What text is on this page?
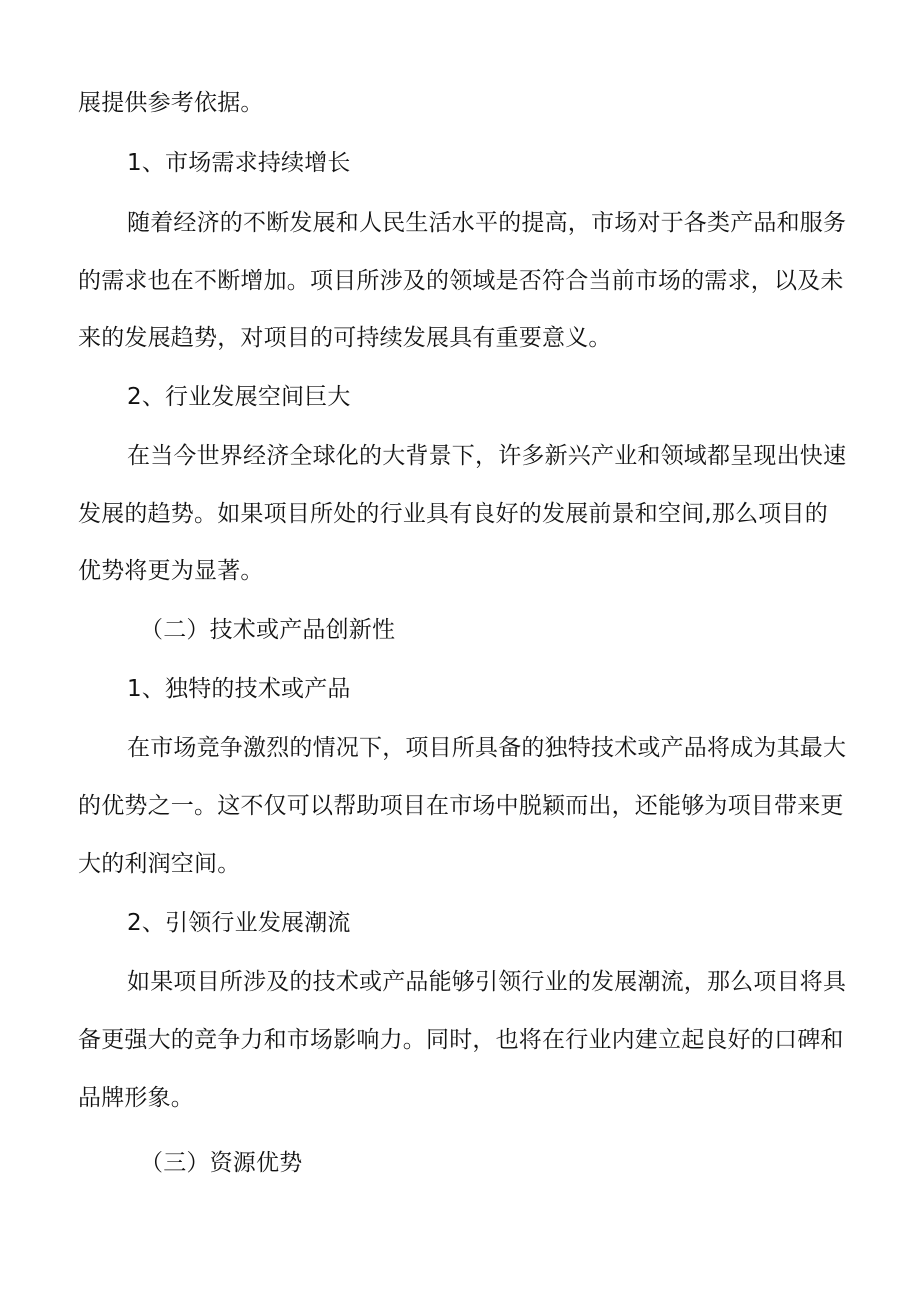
展提供参考依据。
1、市场需求持续增长
随着经济的不断发展和人民生活水平的提高，市场对于各类产品和服务
的需求也在不断增加。项目所涉及的领域是否符合当前市场的需求，以及未
来的发展趋势，对项目的可持续发展具有重要意义。
2、行业发展空间巨大
在当今世界经济全球化的大背景下，许多新兴产业和领域都呈现出快速
发展的趋势。如果项目所处的行业具有良好的发展前景和空间,那么项目的
优势将更为显著。
（二）技术或产品创新性
1、独特的技术或产品
在市场竞争激烈的情况下，项目所具备的独特技术或产品将成为其最大
的优势之一。这不仅可以帮助项目在市场中脱颖而出，还能够为项目带来更
大的利润空间。
2、引领行业发展潮流
如果项目所涉及的技术或产品能够引领行业的发展潮流，那么项目将具
备更强大的竞争力和市场影响力。同时，也将在行业内建立起良好的口碑和
品牌形象。
（三）资源优势
